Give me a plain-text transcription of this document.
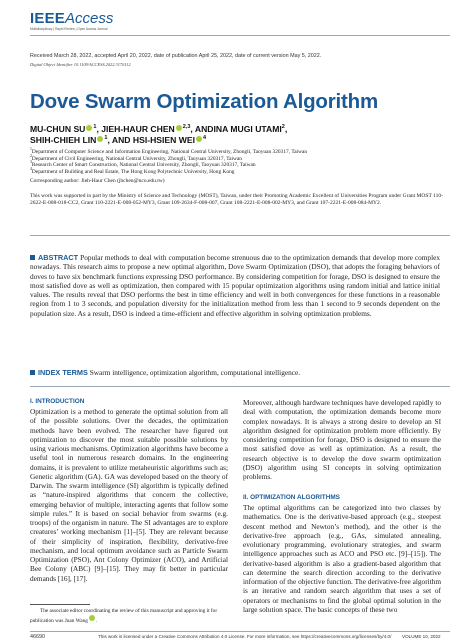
IEEEAccess
Multidisciplinary | Rapid Review | Open Access Journal
Received March 28, 2022, accepted April 20, 2022, date of publication April 25, 2022, date of current version May 5, 2022.
Digital Object Identifier 10.1109/ACCESS.2022.3170112
Dove Swarm Optimization Algorithm
MU-CHUN SU $^1$, JIEH-HAUR CHEN $^{2,3}$, ANDINA MUGI UTAMI$^2$,
SHIH-CHIEH LIN $^1$, AND HSI-HSIEN WEI $^4$
$^1$Department of Computer Science and Information Engineering, National Central University, Zhongli, Taoyuan 320317, Taiwan
$^2$Department of Civil Engineering, National Central University, Zhongli, Taoyuan 320317, Taiwan
$^3$Research Center of Smart Construction, National Central University, Zhongli, Taoyuan 320317, Taiwan
$^4$Department of Building and Real Estate, The Hong Kong Polytechnic University, Hong Kong
Corresponding author: Jieh-Haur Chen (jhchen@ncu.edu.tw)
This work was supported in part by the Ministry of Science and Technology (MOST), Taiwan, under their Promoting Academic Excellent of Universities Program under Grant MOST 110-2622-E-008-018-CC2, Grant 110-2221-E-008-052-MY3, Grant 109-2634-F-008-007, Grant 108-2221-E-008-002-MY3, and Grant 107-2221-E-008-084-MY2.
ABSTRACT Popular methods to deal with computation become strenuous due to the optimization demands that develop more complex nowadays. This research aims to propose a new optimal algorithm, Dove Swarm Optimization (DSO), that adopts the foraging behaviors of doves to have six benchmark functions expressing DSO performance. By considering competition for forage, DSO is designed to ensure the most satisfied dove as well as optimization, then compared with 15 popular optimization algorithms using random initial and lattice initial values. The results reveal that DSO performs the best in time efficiency and well in both convergences for these functions in a reasonable region from 1 to 3 seconds, and population diversity for the initialization method from less than 1 second to 9 seconds dependent on the population size. As a result, DSO is indeed a time-efficient and effective algorithm in solving optimization problems.
INDEX TERMS Swarm intelligence, optimization algorithm, computational intelligence.
I. INTRODUCTION
Optimization is a method to generate the optimal solution from all of the possible solutions. Over the decades, the optimization methods have been evolved. The researcher have figured out optimization to discover the most suitable possible solutions by using various mechanisms. Optimization algorithms have become a useful tool in numerous research domains. In the engineering domains, it is prevalent to utilize metaheuristic algorithms such as; Genetic algorithm (GA). GA was developed based on the theory of Darwin. The swarm intelligence (SI) algorithm is typically defined as “nature-inspired algorithms that concern the collective, emerging behavior of multiple, interacting agents that follow some simple rules.” It is based on social behavior from swarms (e.g. troops) of the organism in nature. The SI advantages are to explore creatures’ working mechanism [1]–[5]. They are relevant because of their simplicity of inspiration, flexibility, derivative-free mechanism, and local optimum avoidance such as Particle Swarm Optimization (PSO), Ant Colony Optimizer (ACO), and Artificial Bee Colony (ABC) [9]–[15]. They may fit better in particular demands [16], [17].
The associate editor coordinating the review of this manuscript and approving it for publication was Juan Wang .
Moreover, although hardware techniques have developed rapidly to deal with computation, the optimization demands become more complex nowadays. It is always a strong desire to develop an SI algorithm designed for optimization problem more efficiently. By considering competition for forage, DSO is designed to ensure the most satisfied dove as well as optimization. As a result, the research objective is to develop the dove swarm optimization (DSO) algorithm using SI concepts in solving optimization problems.
II. OPTIMIZATION ALGORITHMS
The optimal algorithms can be categorized into two classes by mathematics. One is the derivative-based approach (e.g., steepest descent method and Newton’s method), and the other is the derivative-free approach (e.g., GAs, simulated annealing, evolutionary programming, evolutionary strategies, and swarm intelligence approaches such as ACO and PSO etc. [9]–[15]). The derivative-based algorithm is also a gradient-based algorithm that can determine the search direction according to the derivative information of the objective function. The derivative-free algorithm is an iterative and random search algorithm that uses a set of operators or mechanisms to find the global optimal solution in the large solution space. The basic concepts of these two
46690	This work is licensed under a Creative Commons Attribution 4.0 License. For more information, see https://creativecommons.org/licenses/by/4.0/ VOLUME 10, 2022
